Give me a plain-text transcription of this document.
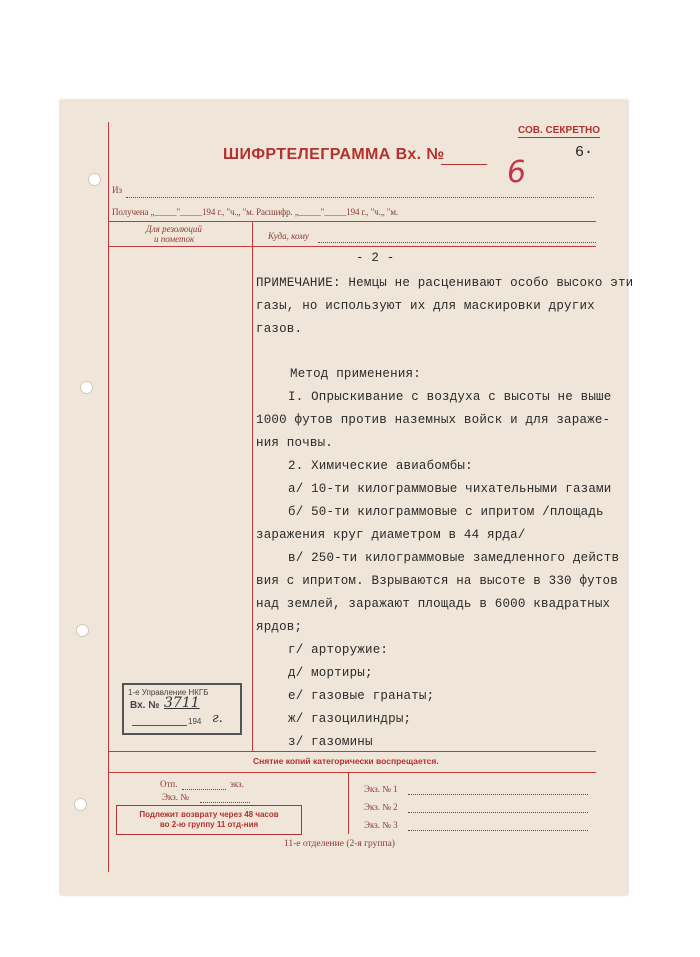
СОВ. СЕКРЕТНО
6·
ШИФРТЕЛЕГРАММА Вх. № 6
Из
Получена „_____"_____194 г., "ч.„ "м. Расшифр. „_____"_____194 г., "ч.„ "м.
Для резолюций
и пометок	Куда, кому
- 2 -
ПРИМЕЧАНИЕ: Немцы не расценивают особо высоко эти
газы, но используют их для маскировки других
газов.
Метод применения:
I. Опрыскивание с воздуха с высоты не выше
1000 футов против наземных войск и для зараже-
ния почвы.
2. Химические авиабомбы:
а/ 10-ти килограммовые чихательными газами
б/ 50-ти килограммовые с ипритом /площадь
заражения круг диаметром в 44 ярда/
в/ 250-ти килограммовые замедленного действ
вия с ипритом. Взрываются на высоте в 330 футов
над землей, заражают площадь в 6000 квадратных
ярдов;
г/ арторужие:
д/ мортиры;
е/ газовые гранаты;
ж/ газоцилиндры;
з/ газомины
1-е Управление НКГБ
Вх. № 3711
194 г.
Снятие копий категорически воспрещается.
Отп.	экз.
Экз. №
Подлежит возврату через 48 часов
во 2-ю группу 11 отд-ния
Экз. № 1
Экз. № 2
Экз. № 3
11-е отделение (2-я группа)
